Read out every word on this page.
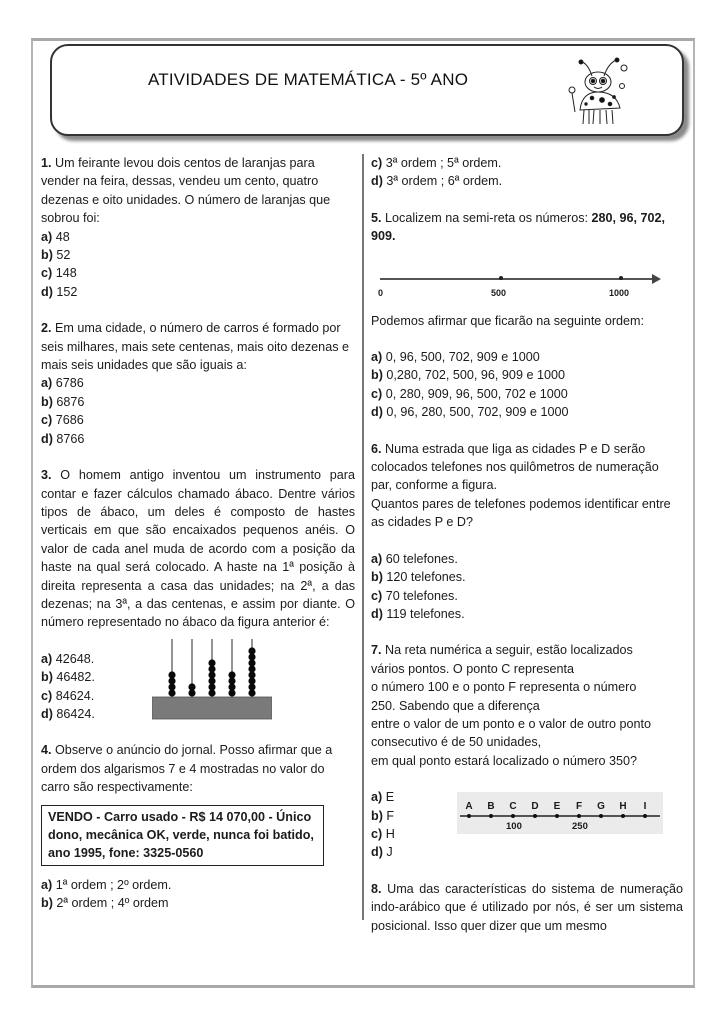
ATIVIDADES DE MATEMÁTICA - 5º ANO

1. Um feirante levou dois centos de laranjas para vender na feira, dessas, vendeu um cento, quatro dezenas e oito unidades. O número de laranjas que sobrou foi:

a) 48
b) 52
c) 148
d) 152

2. Em uma cidade, o número de carros é formado por seis milhares, mais sete centenas, mais oito dezenas e mais seis unidades que são iguais a:

a) 6786
b) 6876
c) 7686
d) 8766

3. O homem antigo inventou um instrumento para contar e fazer cálculos chamado ábaco. Dentre vários tipos de ábaco, um deles é composto de hastes verticais em que são encaixados pequenos anéis. O valor de cada anel muda de acordo com a posição da haste na qual será colocado. A haste na 1ª posição à direita representa a casa das unidades; na 2ª, a das dezenas; na 3ª, a das centenas, e assim por diante. O número representado no ábaco da figura anterior é:

a) 42648.
b) 46482.
c) 84624.
d) 86424.

4. Observe o anúncio do jornal. Posso afirmar que a ordem dos algarismos 7 e 4 mostradas no valor do carro são respectivamente:

VENDO - Carro usado - R$ 14 070,00 - Único dono, mecânica OK, verde, nunca foi batido, ano 1995, fone: 3325-0560
a) 1ª ordem ; 2º ordem.
b) 2ª ordem ; 4º ordem
c) 3ª ordem ; 5ª ordem.
d) 3ª ordem ; 6ª ordem.

5. Localizem na semi-reta os números: 280, 96, 702, 909.

0	500	1000

Podemos afirmar que ficarão na seguinte ordem:

a) 0, 96, 500, 702, 909 e 1000
b) 0,280, 702, 500, 96, 909 e 1000
c) 0, 280, 909, 96, 500, 702 e 1000
d) 0, 96, 280, 500, 702, 909 e 1000

6. Numa estrada que liga as cidades P e D serão colocados telefones nos quilômetros de numeração par, conforme a figura.

Quantos pares de telefones podemos identificar entre as cidades P e D?

a) 60 telefones.
b) 120 telefones.
c) 70 telefones.
d) 119 telefones.

7. Na reta numérica a seguir, estão localizados

vários pontos. O ponto C representa

o número 100 e o ponto F representa o número

250. Sabendo que a diferença

entre o valor de um ponto e o valor de outro ponto

consecutivo é de 50 unidades,

em qual ponto estará localizado o número 350?

a) E
b) F
c) H
d) J
A B C D E F G H	I
100	250

8. Uma das características do sistema de numeração indo-arábico que é utilizado por nós, é ser um sistema posicional. Isso quer dizer que um mesmo
